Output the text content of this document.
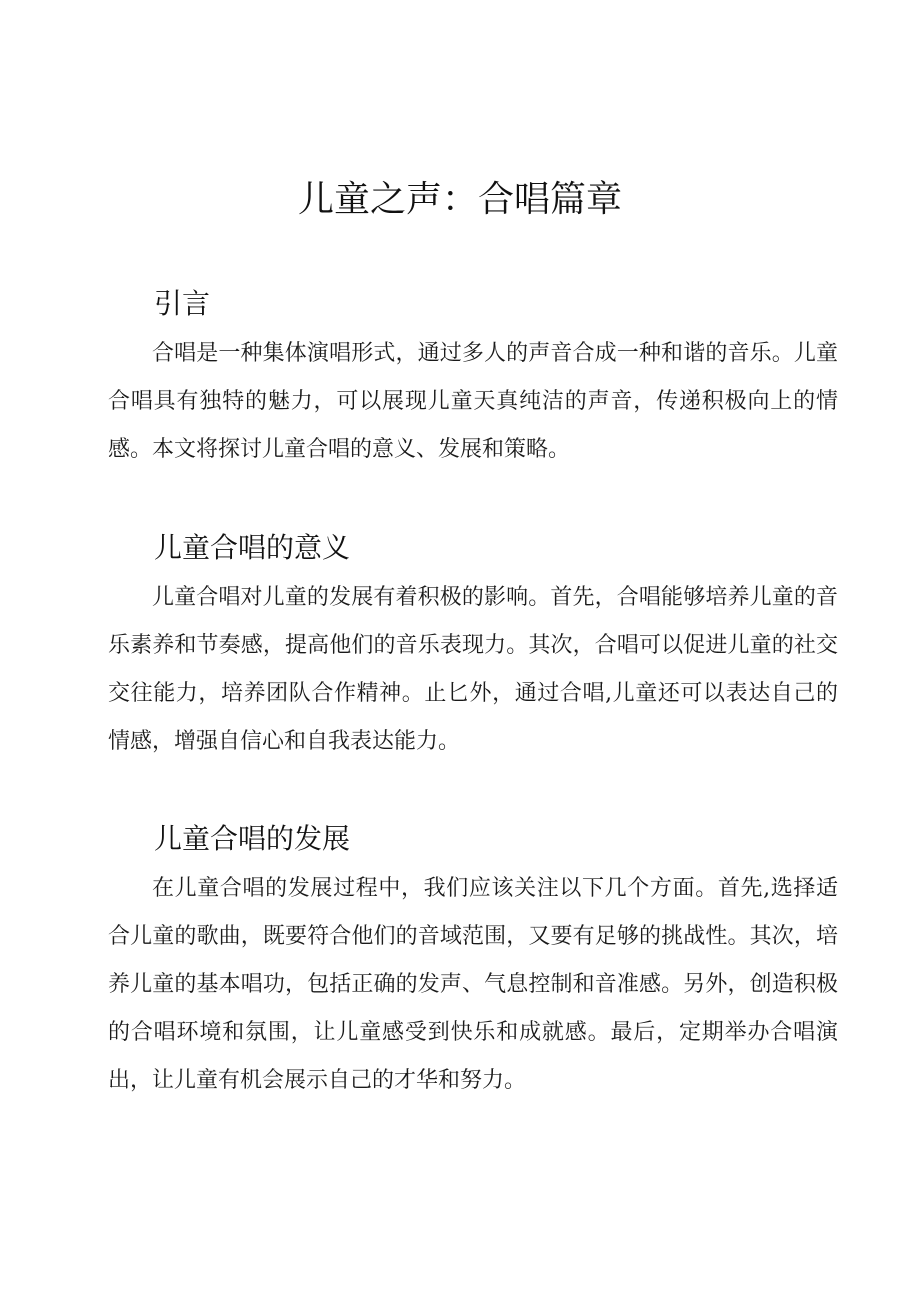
儿童之声：合唱篇章
引言

合唱是一种集体演唱形式，通过多人的声音合成一种和谐的音乐。儿童合唱具有独特的魅力，可以展现儿童天真纯洁的声音，传递积极向上的情感。本文将探讨儿童合唱的意义、发展和策略。

儿童合唱的意义

儿童合唱对儿童的发展有着积极的影响。首先，合唱能够培养儿童的音乐素养和节奏感，提高他们的音乐表现力。其次，合唱可以促进儿童的社交交往能力，培养团队合作精神。止匕外，通过合唱,儿童还可以表达自己的情感，增强自信心和自我表达能力。

儿童合唱的发展

在儿童合唱的发展过程中，我们应该关注以下几个方面。首先,选择适合儿童的歌曲，既要符合他们的音域范围，又要有足够的挑战性。其次，培养儿童的基本唱功，包括正确的发声、气息控制和音准感。另外，创造积极的合唱环境和氛围，让儿童感受到快乐和成就感。最后，定期举办合唱演出，让儿童有机会展示自己的才华和努力。
